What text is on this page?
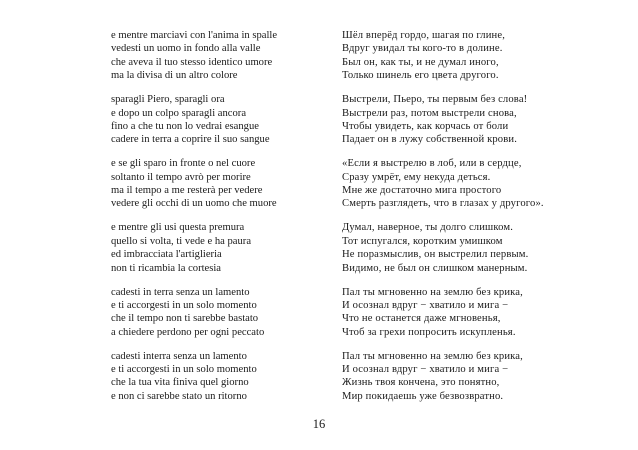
e mentre marciavi con l'anima in spalle
vedesti un uomo in fondo alla valle
che aveva il tuo stesso identico umore
ma la divisa di un altro colore
sparagli Piero, sparagli ora
e dopo un colpo sparagli ancora
fino a che tu non lo vedrai esangue
cadere in terra a coprire il suo sangue
e se gli sparo in fronte o nel cuore
soltanto il tempo avrò per morire
ma il tempo a me resterà per vedere
vedere gli occhi di un uomo che muore
e mentre gli usi questa premura
quello si volta, ti vede e ha paura
ed imbracciata l'artiglieria
non ti ricambia la cortesia
cadesti in terra senza un lamento
e ti accorgesti in un solo momento
che il tempo non ti sarebbe bastato
a chiedere perdono per ogni peccato
cadesti interra senza un lamento
e ti accorgesti in un solo momento
che la tua vita finiva quel giorno
e non ci sarebbe stato un ritorno
Шёл вперёд гордо, шагая по глине,
Вдруг увидал ты кого-то в долине.
Был он, как ты, и не думал иного,
Только шинель его цвета другого.
Выстрели, Пьеро, ты первым без слова!
Выстрели раз, потом выстрели снова,
Чтобы увидеть, как корчась от боли
Падает он в лужу собственной крови.
«Если я выстрелю в лоб, или в сердце,
Сразу умрёт, ему некуда деться.
Мне же достаточно мига простого
Смерть разглядеть, что в глазах у другого».
Думал, наверное, ты долго слишком.
Тот испугался, коротким умишком
Не поразмыслив, он выстрелил первым.
Видимо, не был он слишком манерным.
Пал ты мгновенно на землю без крика,
И осознал вдруг − хватило и мига −
Что не останется даже мгновенья,
Чтоб за грехи попросить искупленья.
Пал ты мгновенно на землю без крика,
И осознал вдруг − хватило и мига −
Жизнь твоя кончена, это понятно,
Мир покидаешь уже безвозвратно.
16
